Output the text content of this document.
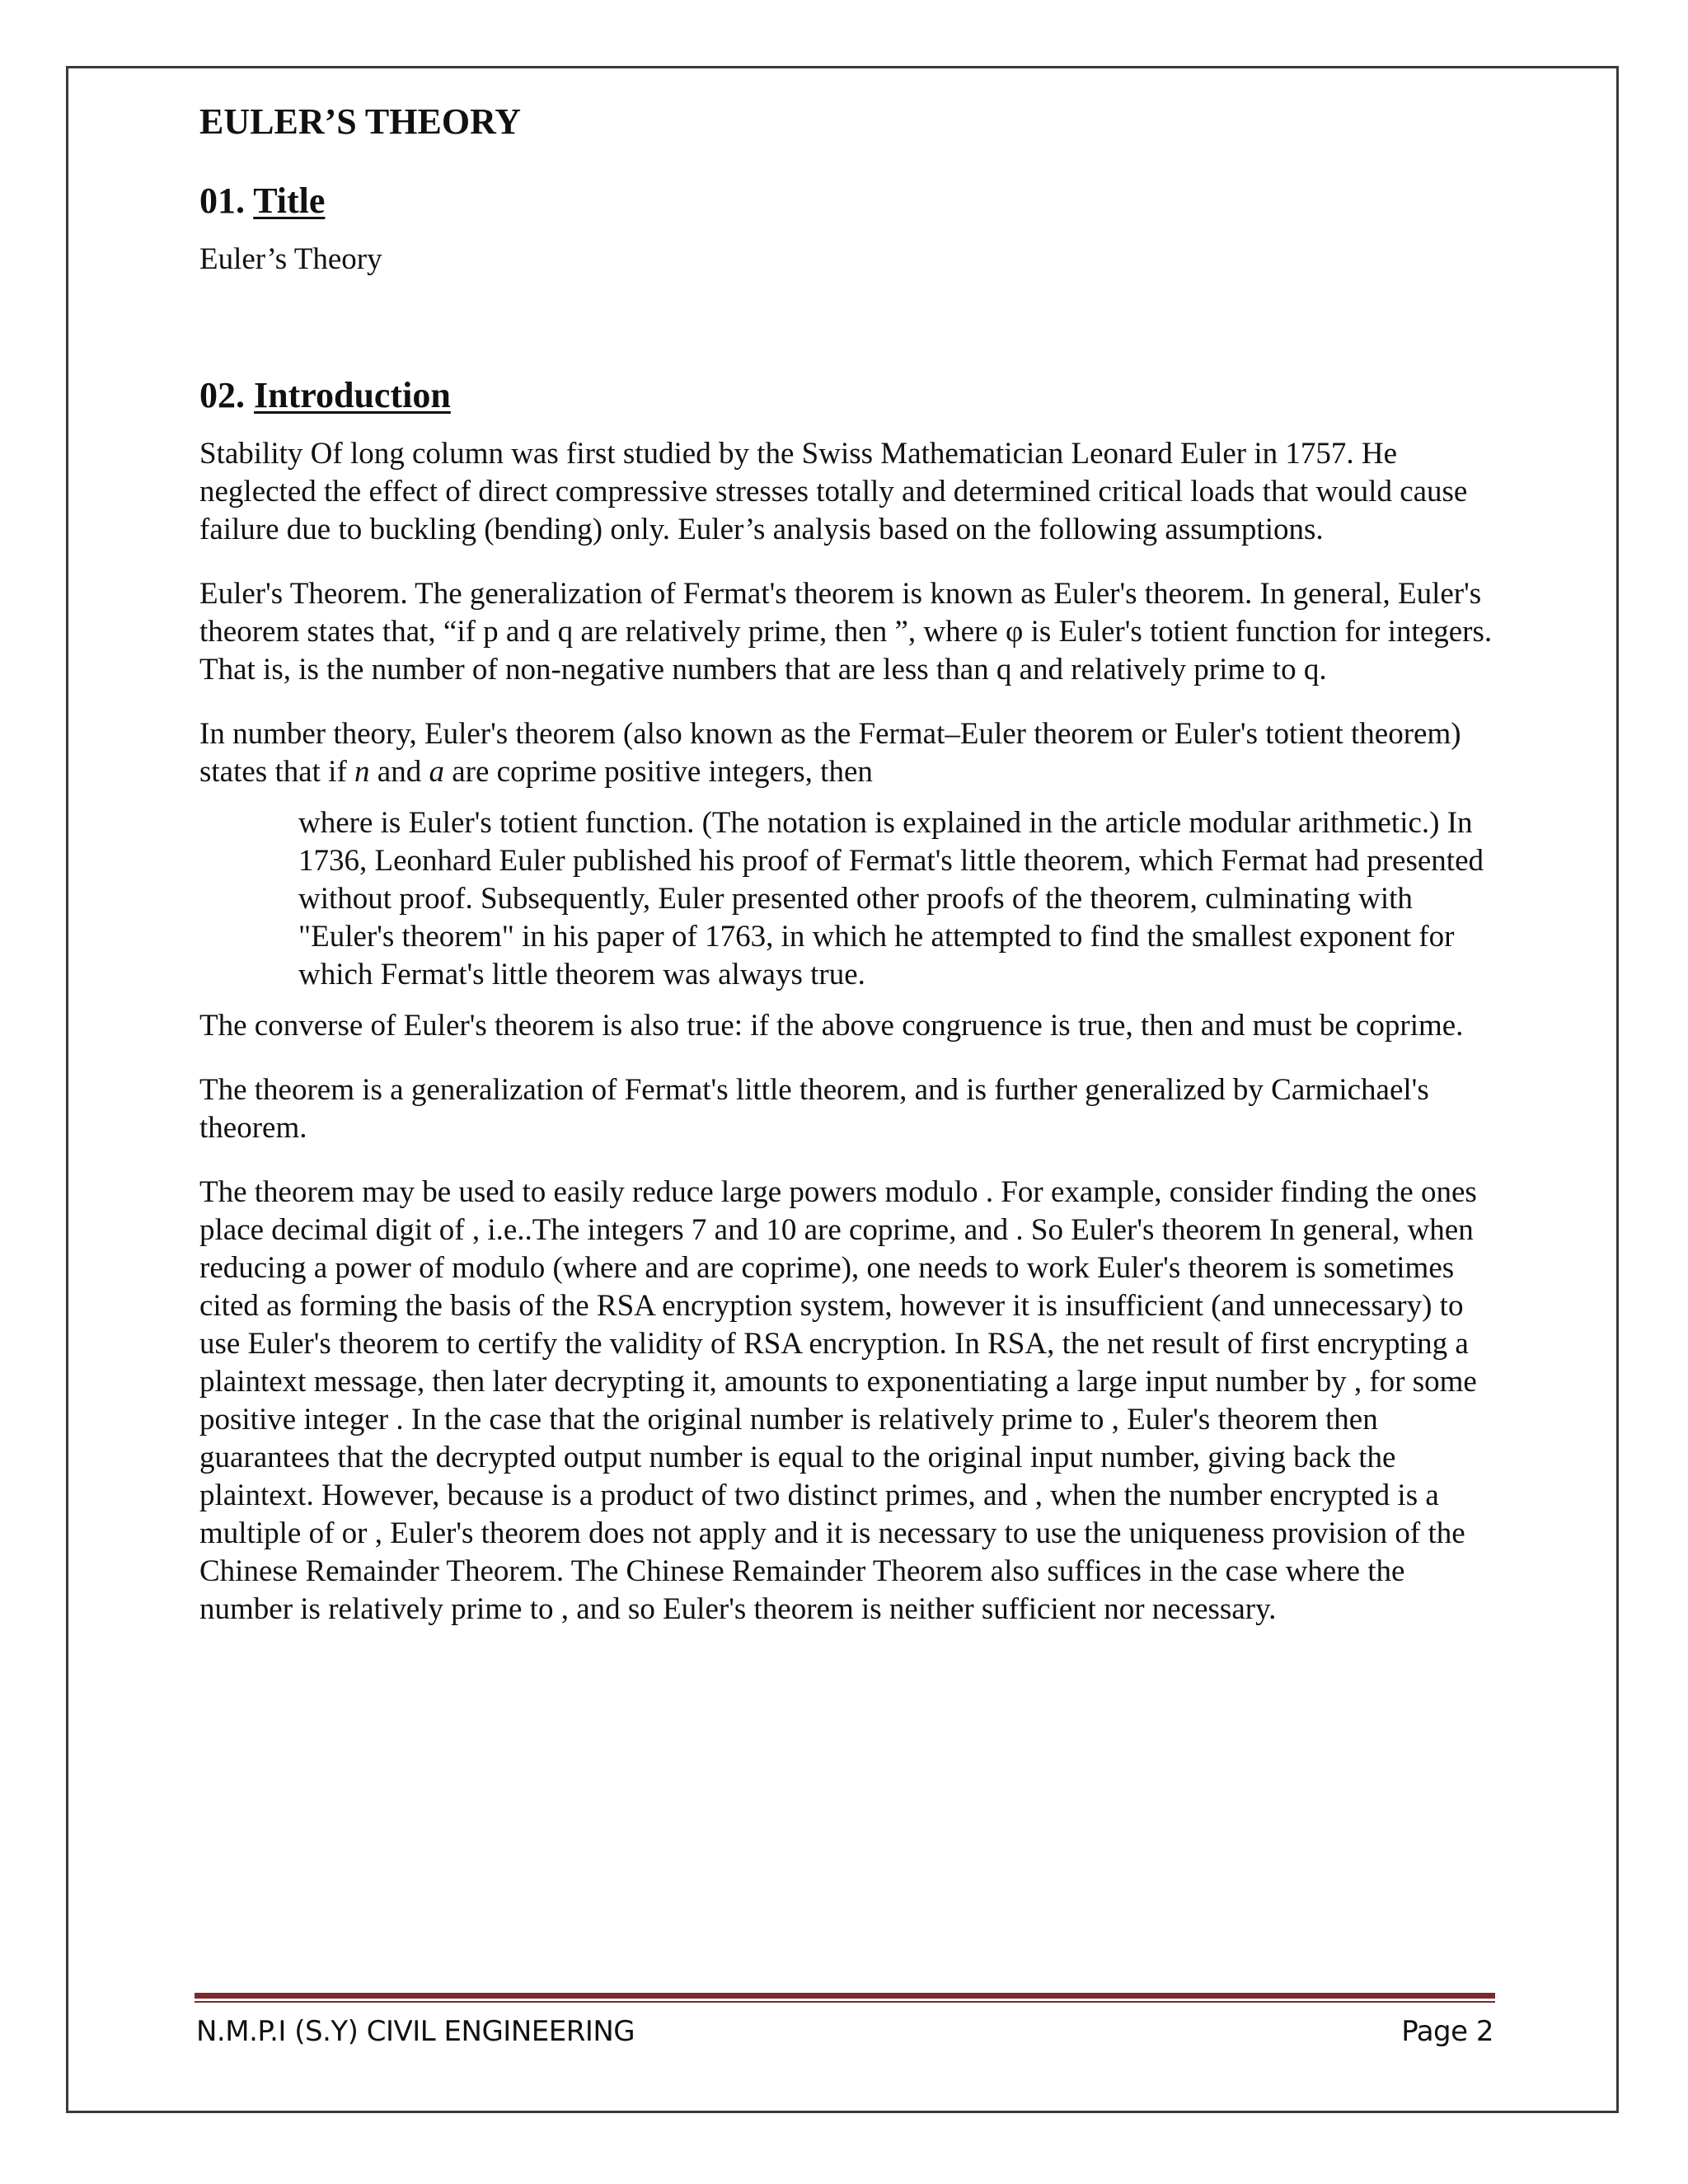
EULER’S THEORY
01. Title
Euler’s Theory
02. Introduction

Stability Of long column was first studied by the Swiss Mathematician Leonard Euler in 1757. He neglected the effect of direct compressive stresses totally and determined critical loads that would cause failure due to buckling (bending) only. Euler’s analysis based on the following assumptions.

Euler's Theorem. The generalization of Fermat's theorem is known as Euler's theorem. In general, Euler's theorem states that, “if p and q are relatively prime, then ”, where φ is Euler's totient function for integers. That is, is the number of non-negative numbers that are less than q and relatively prime to q.

In number theory, Euler's theorem (also known as the Fermat–Euler theorem or Euler's totient theorem) states that if n and a are coprime positive integers, then

where is Euler's totient function. (The notation is explained in the article modular arithmetic.) In 1736, Leonhard Euler published his proof of Fermat's little theorem, which Fermat had presented without proof. Subsequently, Euler presented other proofs of the theorem, culminating with "Euler's theorem" in his paper of 1763, in which he attempted to find the smallest exponent for which Fermat's little theorem was always true.

The converse of Euler's theorem is also true: if the above congruence is true, then and must be coprime.

The theorem is a generalization of Fermat's little theorem, and is further generalized by Carmichael's theorem.

The theorem may be used to easily reduce large powers modulo . For example, consider finding the ones place decimal digit of , i.e..The integers 7 and 10 are coprime, and . So Euler's theorem In general, when reducing a power of modulo (where and are coprime), one needs to work Euler's theorem is sometimes cited as forming the basis of the RSA encryption system, however it is insufficient (and unnecessary) to use Euler's theorem to certify the validity of RSA encryption. In RSA, the net result of first encrypting a plaintext message, then later decrypting it, amounts to exponentiating a large input number by , for some positive integer . In the case that the original number is relatively prime to , Euler's theorem then guarantees that the decrypted output number is equal to the original input number, giving back the plaintext. However, because is a product of two distinct primes, and , when the number encrypted is a multiple of or , Euler's theorem does not apply and it is necessary to use the uniqueness provision of the Chinese Remainder Theorem. The Chinese Remainder Theorem also suffices in the case where the number is relatively prime to , and so Euler's theorem is neither sufficient nor necessary.

N.M.P.I (S.Y) CIVIL ENGINEERING	Page 2
